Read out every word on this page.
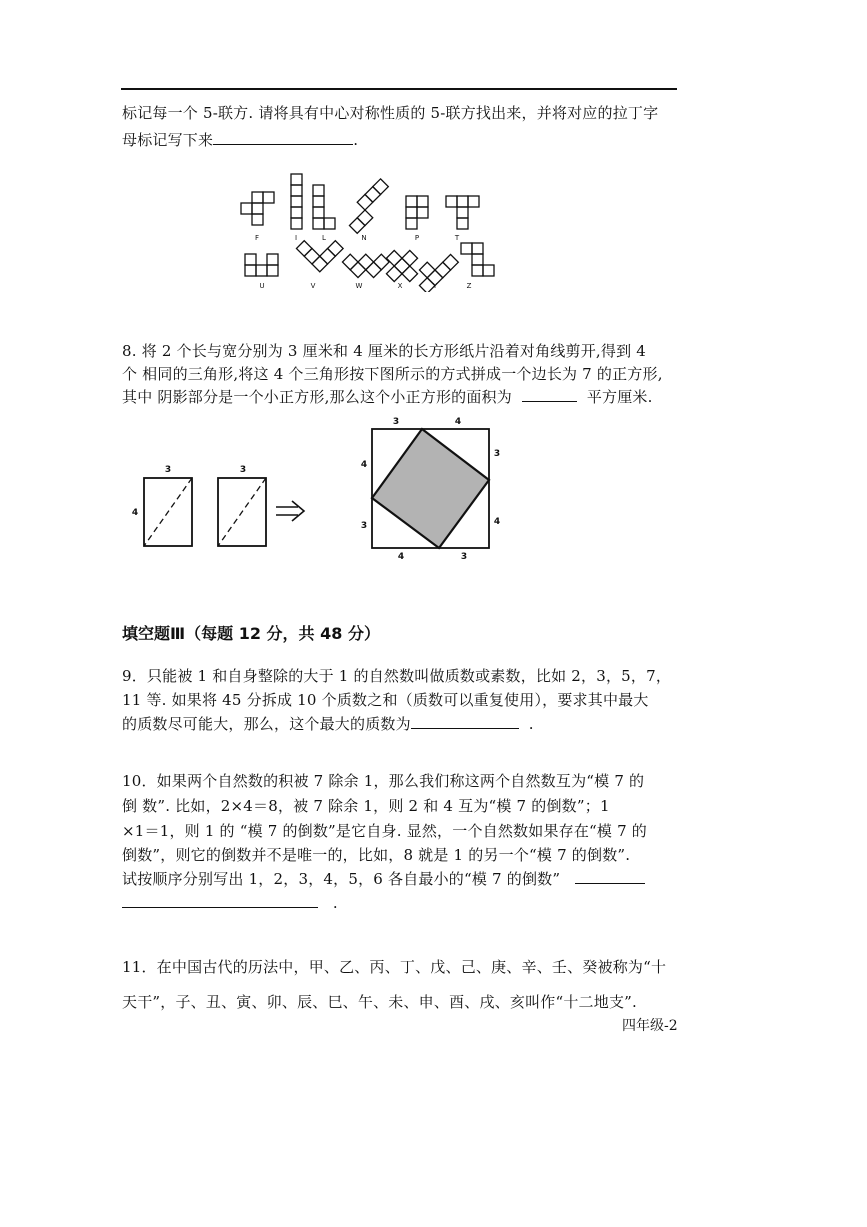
标记每一个 5-联方. 请将具有中心对称性质的 5-联方找出来，并将对应的拉丁字
母标记写下来	.
F	I	L	N	P	T
U	V	W	X	Y	Z
8. 将 2 个长与宽分别为 3 厘米和 4 厘米的长方形纸片沿着对角线剪开,得到 4
个 相同的三角形,将这 4 个三角形按下图所示的方式拼成一个边长为 7 的正方形,
其中 阴影部分是一个小正方形,那么这个小正方形的面积为	平方厘米.
3
4
3
3	4
3
4
4	3
4
3
填空题Ⅲ（每题 12 分，共 48 分）
9．只能被 1 和自身整除的大于 1 的自然数叫做质数或素数，比如 2，3，5，7，
11 等. 如果将 45 分拆成 10 个质数之和（质数可以重复使用），要求其中最大
的质数尽可能大，那么，这个最大的质数为	.
10．如果两个自然数的积被 7 除余 1，那么我们称这两个自然数互为“模 7 的
倒 数”. 比如，2×4＝8，被 7 除余 1，则 2 和 4 互为“模 7 的倒数”；1
×1＝1，则 1 的 “模 7 的倒数”是它自身. 显然，一个自然数如果存在“模 7 的
倒数”，则它的倒数并不是唯一的，比如，8 就是 1 的另一个“模 7 的倒数”.
试按顺序分别写出 1，2，3，4，5，6 各自最小的“模 7 的倒数”
.
11．在中国古代的历法中，甲、乙、丙、丁、戊、己、庚、辛、壬、癸被称为“十
天干”，子、丑、寅、卯、辰、巳、午、未、申、酉、戌、亥叫作“十二地支”.
四年级-2
